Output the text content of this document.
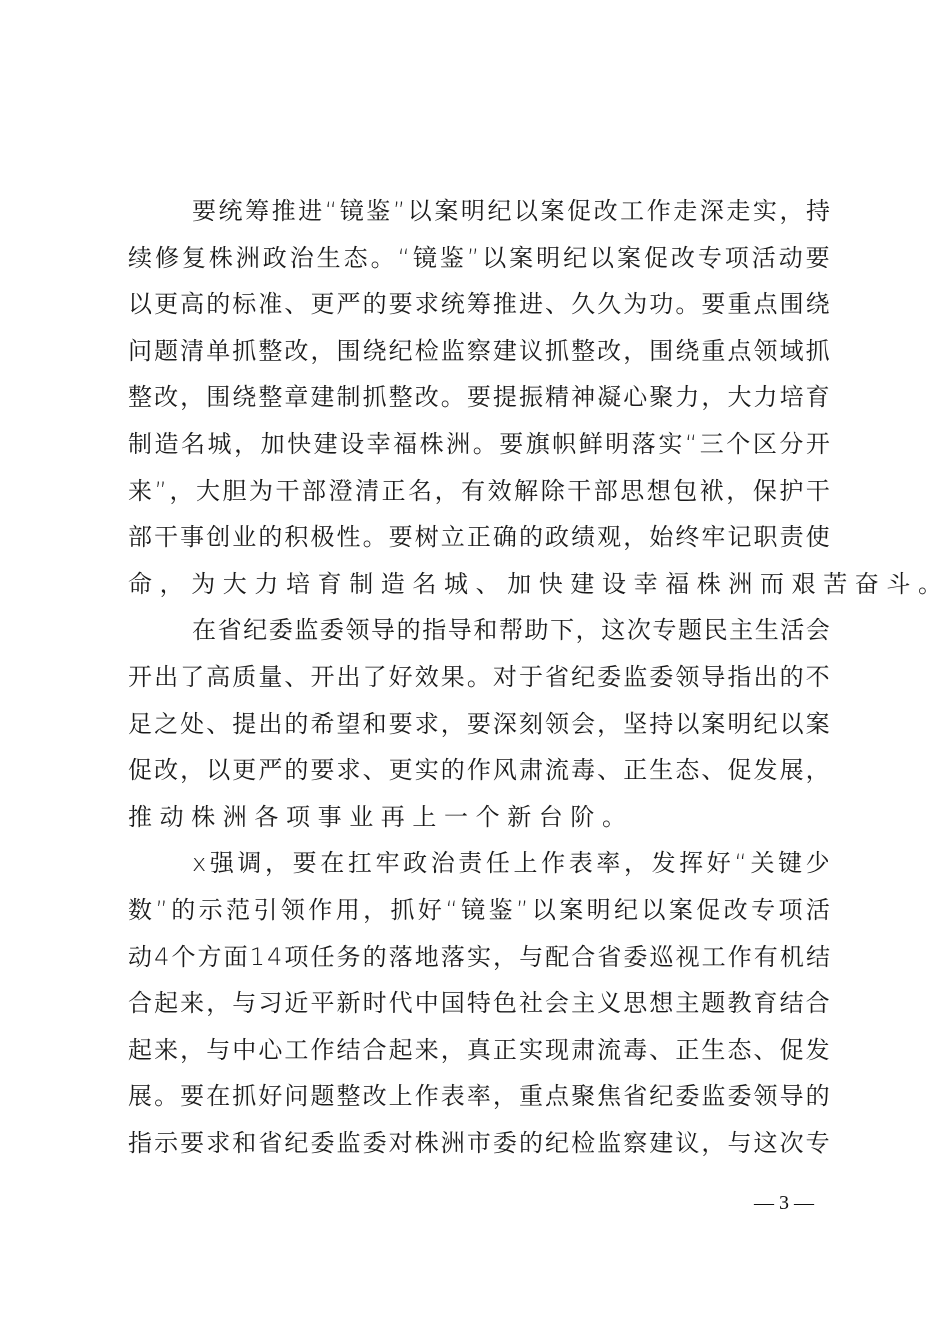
要 统 筹 推 进 “ 镜 鉴 ” 以 案 明 纪 以 案 促 改 工 作 走 深 走 实 ， 持
续 修 复 株 洲 政 治 生 态 。 “ 镜 鉴 ” 以 案 明 纪 以 案 促 改 专 项 活 动 要
以 更 高 的 标 准 、 更 严 的 要 求 统 筹 推 进 、 久 久 为 功 。 要 重 点 围 绕
问 题 清 单 抓 整 改 ， 围 绕 纪 检 监 察 建 议 抓 整 改 ， 围 绕 重 点 领 域 抓
整 改 ， 围 绕 整 章 建 制 抓 整 改 。 要 提 振 精 神 凝 心 聚 力 ， 大 力 培 育
制 造 名 城 ， 加 快 建 设 幸 福 株 洲 。 要 旗 帜 鲜 明 落 实 “ 三 个 区 分 开
来 ” ， 大 胆 为 干 部 澄 清 正 名 ， 有 效 解 除 干 部 思 想 包 袱 ， 保 护 干
部 干 事 创 业 的 积 极 性 。 要 树 立 正 确 的 政 绩 观 ， 始 终 牢 记 职 责 使
命，为大力培育制造名城、加快建设幸福株洲而艰苦奋斗。
在 省 纪 委 监 委 领 导 的 指 导 和 帮 助 下 ， 这 次 专 题 民 主 生 活 会
开 出 了 高 质 量 、 开 出 了 好 效 果 。 对 于 省 纪 委 监 委 领 导 指 出 的 不
足 之 处 、 提 出 的 希 望 和 要 求 ， 要 深 刻 领 会 ， 坚 持 以 案 明 纪 以 案
促 改 ， 以 更 严 的 要 求 、 更 实 的 作 风 肃 流 毒 、 正 生 态 、 促 发 展 ，
推动株洲各项事业再上一个新台阶。
x 强 调 ， 要 在 扛 牢 政 治 责 任 上 作 表 率 ， 发 挥 好 “ 关 键 少
数 ” 的 示 范 引 领 作 用 ， 抓 好 “ 镜 鉴 ” 以 案 明 纪 以 案 促 改 专 项 活
动 4 个 方 面 1 4 项 任 务 的 落 地 落 实 ， 与 配 合 省 委 巡 视 工 作 有 机 结
合 起 来 ， 与 习 近 平 新 时 代 中 国 特 色 社 会 主 义 思 想 主 题 教 育 结 合
起 来 ， 与 中 心 工 作 结 合 起 来 ， 真 正 实 现 肃 流 毒 、 正 生 态 、 促 发
展 。 要 在 抓 好 问 题 整 改 上 作 表 率 ， 重 点 聚 焦 省 纪 委 监 委 领 导 的
指 示 要 求 和 省 纪 委 监 委 对 株 洲 市 委 的 纪 检 监 察 建 议 ， 与 这 次 专
— 3 —
